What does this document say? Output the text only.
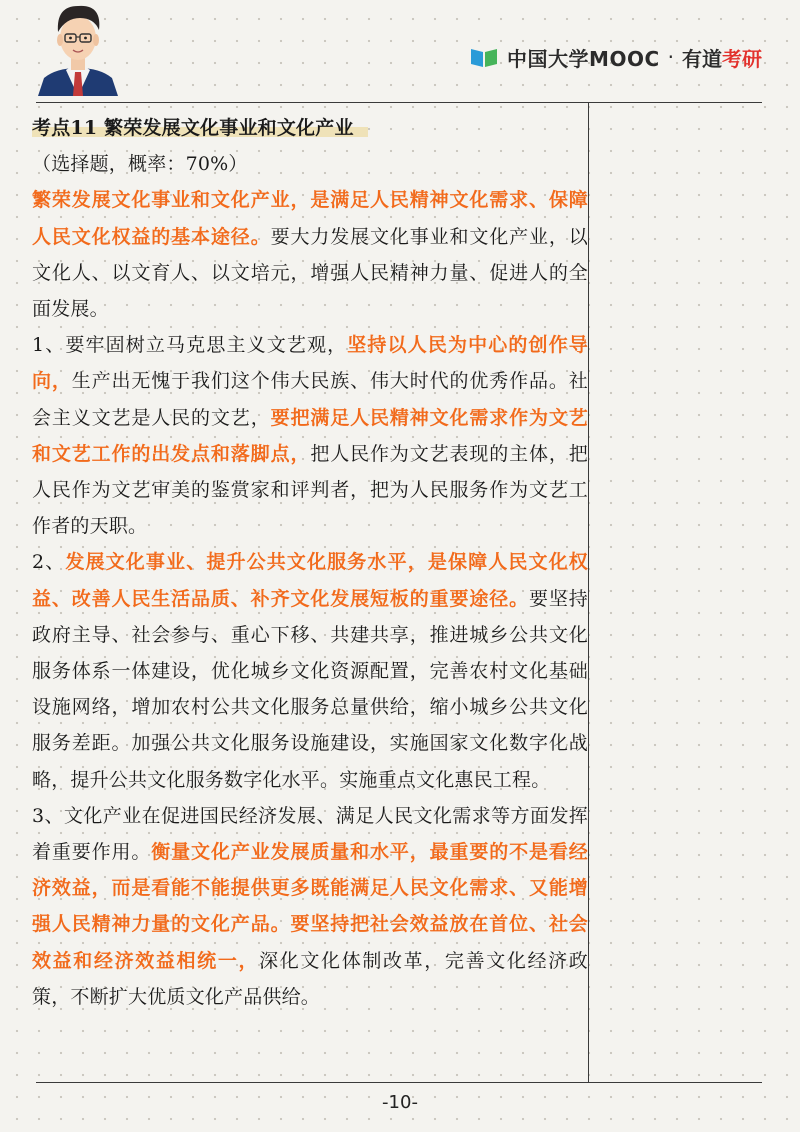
中国大学MOOC · 有道考研
考点11 繁荣发展文化事业和文化产业
（选择题，概率：70%）

繁荣发展文化事业和文化产业，是满足人民精神文化需求、保障人民文化权益的基本途径。要大力发展文化事业和文化产业，以文化人、以文育人、以文培元，增强人民精神力量、促进人的全面发展。

1、要牢固树立马克思主义文艺观，坚持以人民为中心的创作导向，生产出无愧于我们这个伟大民族、伟大时代的优秀作品。社会主义文艺是人民的文艺，要把满足人民精神文化需求作为文艺和文艺工作的出发点和落脚点，把人民作为文艺表现的主体，把人民作为文艺审美的鉴赏家和评判者，把为人民服务作为文艺工作者的天职。

2、发展文化事业、提升公共文化服务水平，是保障人民文化权益、改善人民生活品质、补齐文化发展短板的重要途径。要坚持政府主导、社会参与、重心下移、共建共享，推进城乡公共文化服务体系一体建设，优化城乡文化资源配置，完善农村文化基础设施网络，增加农村公共文化服务总量供给，缩小城乡公共文化服务差距。加强公共文化服务设施建设，实施国家文化数字化战略，提升公共文化服务数字化水平。实施重点文化惠民工程。

3、文化产业在促进国民经济发展、满足人民文化需求等方面发挥着重要作用。衡量文化产业发展质量和水平，最重要的不是看经济效益，而是看能不能提供更多既能满足人民文化需求、又能增强人民精神力量的文化产品。要坚持把社会效益放在首位、社会效益和经济效益相统一，深化文化体制改革，完善文化经济政策，不断扩大优质文化产品供给。

-10-
